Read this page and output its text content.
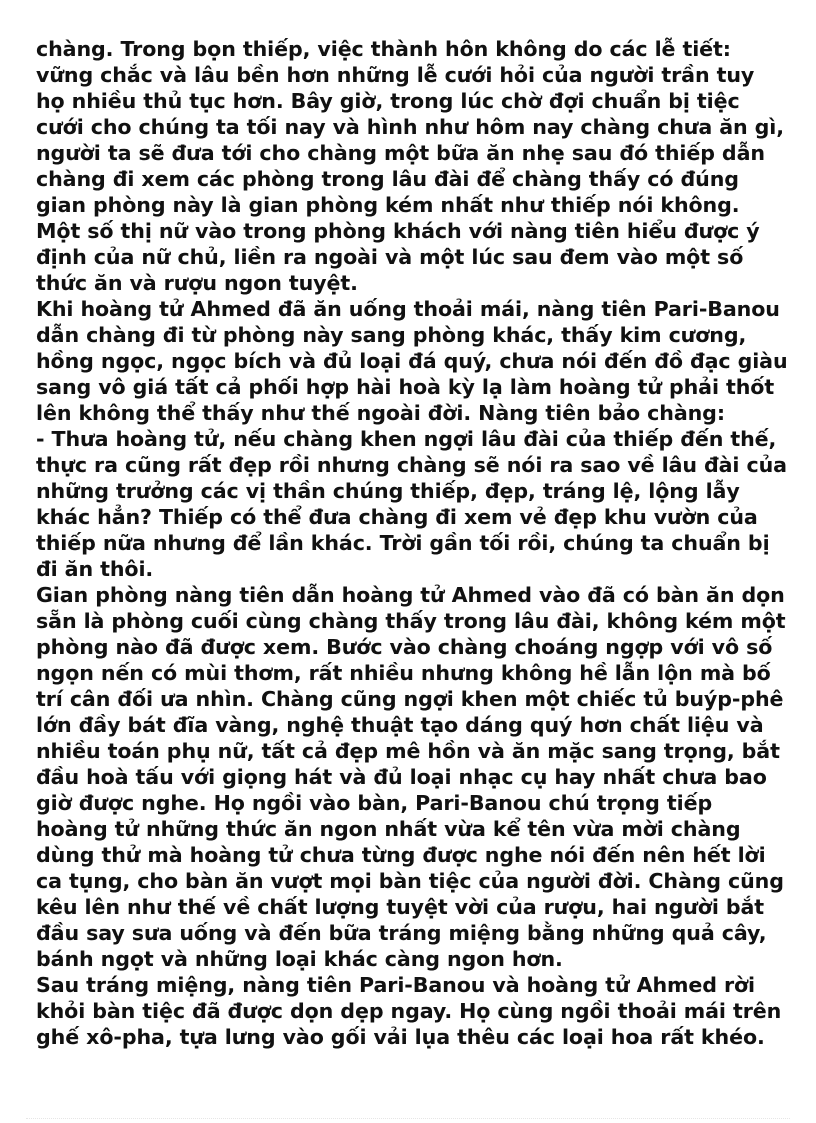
chàng. Trong bọn thiếp, việc thành hôn không do các lễ tiết:
vững chắc và lâu bền hơn những lễ cưới hỏi của người trần tuy
họ nhiều thủ tục hơn. Bây giờ, trong lúc chờ đợi chuẩn bị tiệc
cưới cho chúng ta tối nay và hình như hôm nay chàng chưa ăn gì,
người ta sẽ đưa tới cho chàng một bữa ăn nhẹ sau đó thiếp dẫn
chàng đi xem các phòng trong lâu đài để chàng thấy có đúng
gian phòng này là gian phòng kém nhất như thiếp nói không.
Một số thị nữ vào trong phòng khách với nàng tiên hiểu được ý
định của nữ chủ, liền ra ngoài và một lúc sau đem vào một số
thức ăn và rượu ngon tuyệt.
Khi hoàng tử Ahmed đã ăn uống thoải mái, nàng tiên Pari-Banou
dẫn chàng đi từ phòng này sang phòng khác, thấy kim cương,
hồng ngọc, ngọc bích và đủ loại đá quý, chưa nói đến đồ đạc giàu
sang vô giá tất cả phối hợp hài hoà kỳ lạ làm hoàng tử phải thốt
lên không thể thấy như thế ngoài đời. Nàng tiên bảo chàng:
- Thưa hoàng tử, nếu chàng khen ngợi lâu đài của thiếp đến thế,
thực ra cũng rất đẹp rồi nhưng chàng sẽ nói ra sao về lâu đài của
những trưởng các vị thần chúng thiếp, đẹp, tráng lệ, lộng lẫy
khác hẳn? Thiếp có thể đưa chàng đi xem vẻ đẹp khu vườn của
thiếp nữa nhưng để lần khác. Trời gần tối rồi, chúng ta chuẩn bị
đi ăn thôi.
Gian phòng nàng tiên dẫn hoàng tử Ahmed vào đã có bàn ăn dọn
sẵn là phòng cuối cùng chàng thấy trong lâu đài, không kém một
phòng nào đã được xem. Bước vào chàng choáng ngợp với vô số
ngọn nến có mùi thơm, rất nhiều nhưng không hề lẫn lộn mà bố
trí cân đối ưa nhìn. Chàng cũng ngợi khen một chiếc tủ buýp-phê
lớn đầy bát đĩa vàng, nghệ thuật tạo dáng quý hơn chất liệu và
nhiều toán phụ nữ, tất cả đẹp mê hồn và ăn mặc sang trọng, bắt
đầu hoà tấu với giọng hát và đủ loại nhạc cụ hay nhất chưa bao
giờ được nghe. Họ ngồi vào bàn, Pari-Banou chú trọng tiếp
hoàng tử những thức ăn ngon nhất vừa kể tên vừa mời chàng
dùng thử mà hoàng tử chưa từng được nghe nói đến nên hết lời
ca tụng, cho bàn ăn vượt mọi bàn tiệc của người đời. Chàng cũng
kêu lên như thế về chất lượng tuyệt vời của rượu, hai người bắt
đầu say sưa uống và đến bữa tráng miệng bằng những quả cây,
bánh ngọt và những loại khác càng ngon hơn.
Sau tráng miệng, nàng tiên Pari-Banou và hoàng tử Ahmed rời
khỏi bàn tiệc đã được dọn dẹp ngay. Họ cùng ngồi thoải mái trên
ghế xô-pha, tựa lưng vào gối vải lụa thêu các loại hoa rất khéo.
